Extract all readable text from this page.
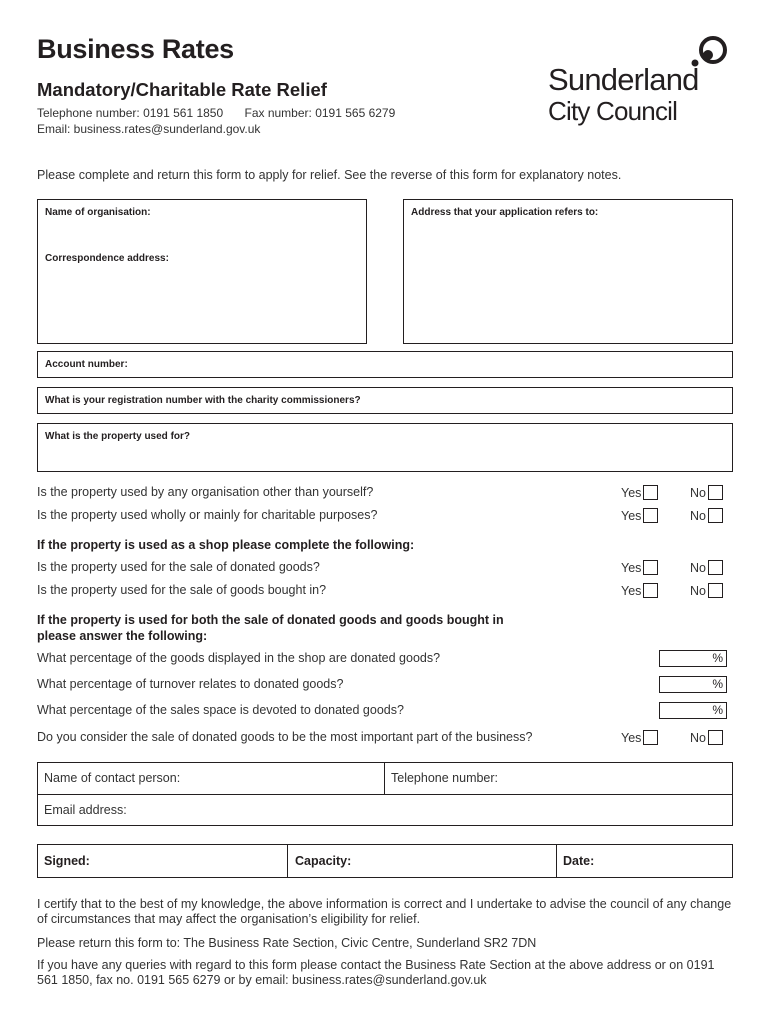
Business Rates
Mandatory/Charitable Rate Relief
Telephone number: 0191 561 1850 Fax number: 0191 565 6279
Email: business.rates@sunderland.gov.uk
Sunderland
City Council
Please complete and return this form to apply for relief. See the reverse of this form for explanatory notes.
Name of organisation:
Correspondence address:
Address that your application refers to:
Account number:
What is your registration number with the charity commissioners?
What is the property used for?
Is the property used by any organisation other than yourself?	Yes	No
Is the property used wholly or mainly for charitable purposes?	Yes	No
If the property is used as a shop please complete the following:
Is the property used for the sale of donated goods?	Yes	No
Is the property used for the sale of goods bought in?	Yes	No
If the property is used for both the sale of donated goods and goods bought in
please answer the following:
What percentage of the goods displayed in the shop are donated goods?	%
What percentage of turnover relates to donated goods?	%
What percentage of the sales space is devoted to donated goods?	%
Do you consider the sale of donated goods to be the most important part of the business?	Yes	No
Name of contact person:	Telephone number:
Email address:
Signed:	Capacity:	Date:
I certify that to the best of my knowledge, the above information is correct and I undertake to advise the council of any change of circumstances that may affect the organisation’s eligibility for relief.
Please return this form to: The Business Rate Section, Civic Centre, Sunderland SR2 7DN
If you have any queries with regard to this form please contact the Business Rate Section at the above address or on 0191 561 1850, fax no. 0191 565 6279 or by email: business.rates@sunderland.gov.uk
